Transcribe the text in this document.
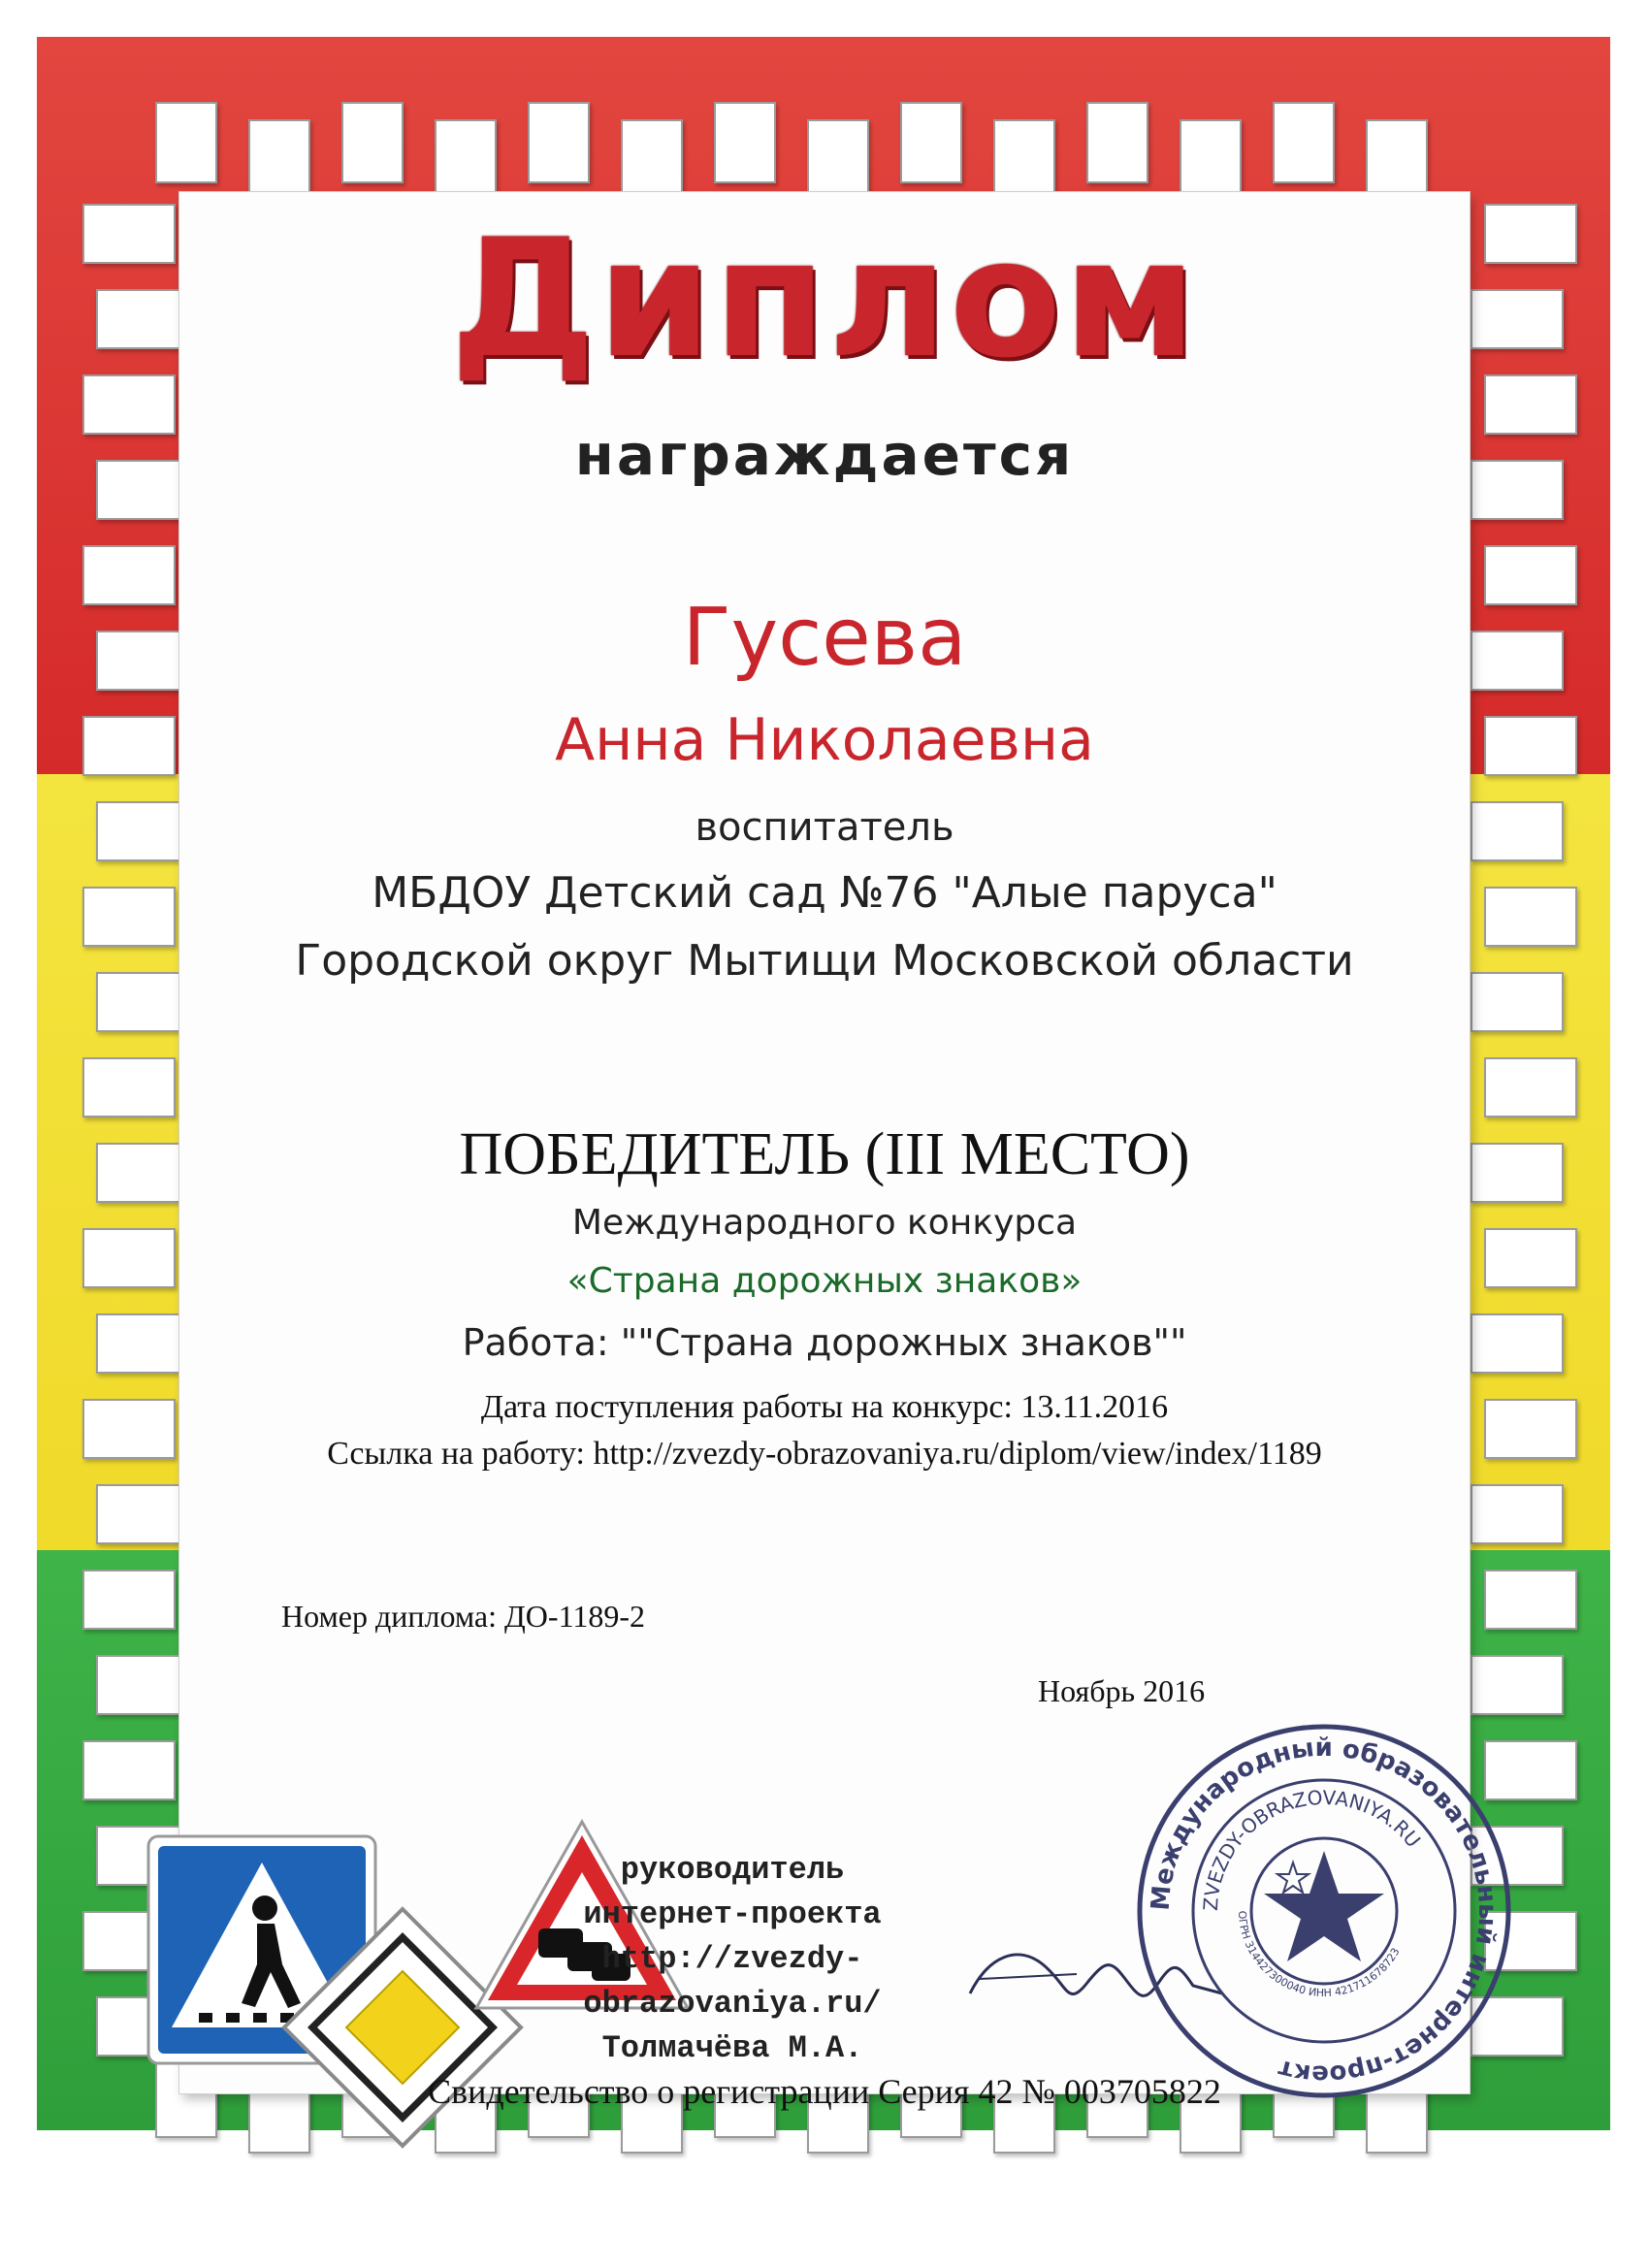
Диплом
награждается
Гусева
Анна Николаевна
воспитатель
МБДОУ Детский сад №76 "Алые паруса"
Городской округ Мытищи Московской области
ПОБЕДИТЕЛЬ (III МЕСТО)
Международного конкурса
«Страна дорожных знаков»
Работа: ""Страна дорожных знаков""
Дата поступления работы на конкурс: 13.11.2016
Ссылка на работу: http://zvezdy-obrazovaniya.ru/diplom/view/index/1189
Номер диплома: ДО-1189-2
Ноябрь 2016
руководитель
интернет-проекта
http://zvezdy-obrazovaniya.ru/
Толмачёва М.А.
Международный образовательный интернет-проект
ZVEZDY-OBRAZOVANIYA.RU
ОГРН 314427300040 ИНН 421711678723
Свидетельство о регистрации Серия 42 № 003705822
